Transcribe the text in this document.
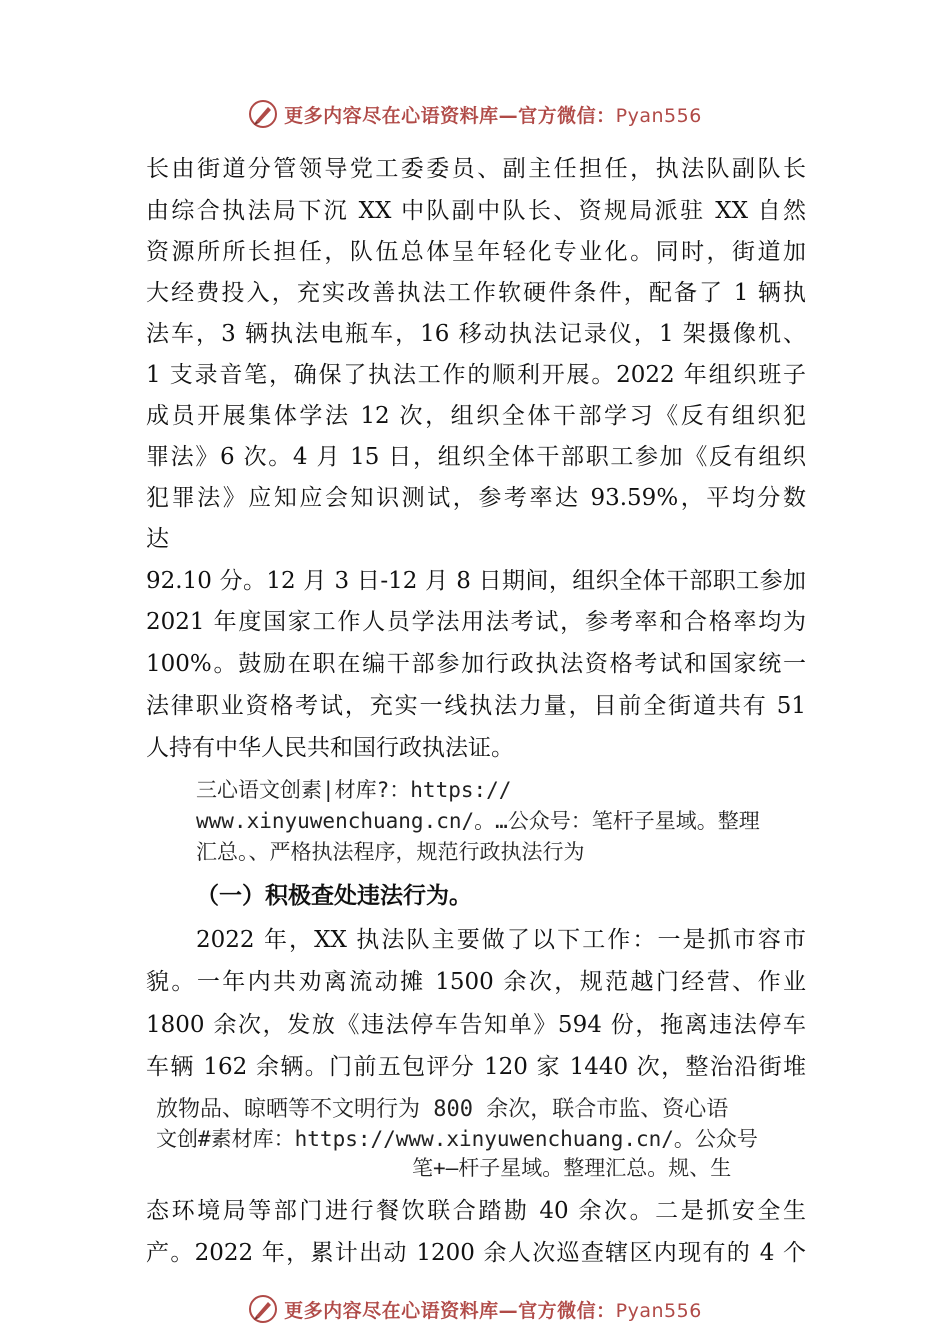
更多内容尽在心语资料库—官方微信：Pyan556
长由街道分管领导党工委委员、副主任担任，执法队副队长
由综合执法局下沉 XX 中队副中队长、资规局派驻 XX 自然
资源所所长担任，队伍总体呈年轻化专业化。同时，街道加
大经费投入，充实改善执法工作软硬件条件，配备了 1 辆执
法车，3 辆执法电瓶车，16 移动执法记录仪，1 架摄像机、
1 支录音笔，确保了执法工作的顺利开展。2022 年组织班子
成员开展集体学法 12 次，组织全体干部学习《反有组织犯
罪法》6 次。4 月 15 日，组织全体干部职工参加《反有组织
犯罪法》应知应会知识测试，参考率达 93.59%，平均分数
达
92.10 分。12 月 3 日-12 月 8 日期间，组织全体干部职工参加
2021 年度国家工作人员学法用法考试，参考率和合格率均为
100%。鼓励在职在编干部参加行政执法资格考试和国家统一
法律职业资格考试，充实一线执法力量，目前全街道共有 51
人持有中华人民共和国行政执法证。
三心语文创素|材库?：https://
www.xinyuwenchuang.cn/。…公众号：笔杆子星域。整理
汇总。、严格执法程序，规范行政执法行为
（一）积极查处违法行为。
2022 年，XX 执法队主要做了以下工作：一是抓市容市
貌。一年内共劝离流动摊 1500 余次，规范越门经营、作业
1800 余次，发放《违法停车告知单》594 份，拖离违法停车
车辆 162 余辆。门前五包评分 120 家 1440 次，整治沿街堆
放物品、晾晒等不文明行为 800 余次，联合市监、资心语
文创#素材库：https://www.xinyuwenchuang.cn/。公众号
笔+—杆子星域。整理汇总。规、生
态环境局等部门进行餐饮联合踏勘 40 余次。二是抓安全生
产。2022 年，累计出动 1200 余人次巡查辖区内现有的 4 个
更多内容尽在心语资料库—官方微信：Pyan556
